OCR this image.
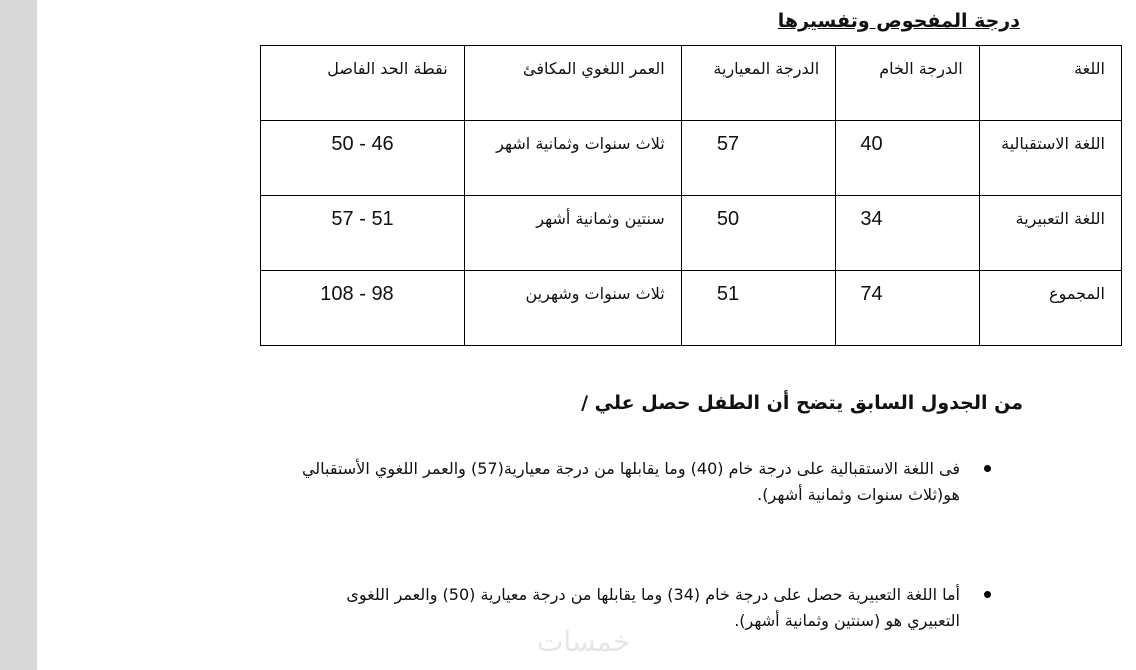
درجة المفحوص وتفسيرها
اللغة	الدرجة الخام	الدرجة المعيارية	العمر اللغوي المكافئ	نقطة الحد الفاصل
اللغة الاستقبالية	40	57	ثلاث سنوات وثمانية اشهر	46 - 50
اللغة التعبيرية	34	50	سنتين وثمانية أشهر	51 - 57
المجموع	74	51	ثلاث سنوات وشهرين	98 - 108
من الجدول السابق يتضح أن الطفل حصل علي /
فى اللغة الاستقبالية على درجة خام (40) وما يقابلها من درجة معيارية(57) والعمر اللغوي الأستقبالي هو(ثلاث سنوات وثمانية أشهر).
أما اللغة التعبيرية حصل على درجة خام (34) وما يقابلها من درجة معيارية (50) والعمر اللغوى التعبيري هو (سنتين وثمانية أشهر).
خمسات
